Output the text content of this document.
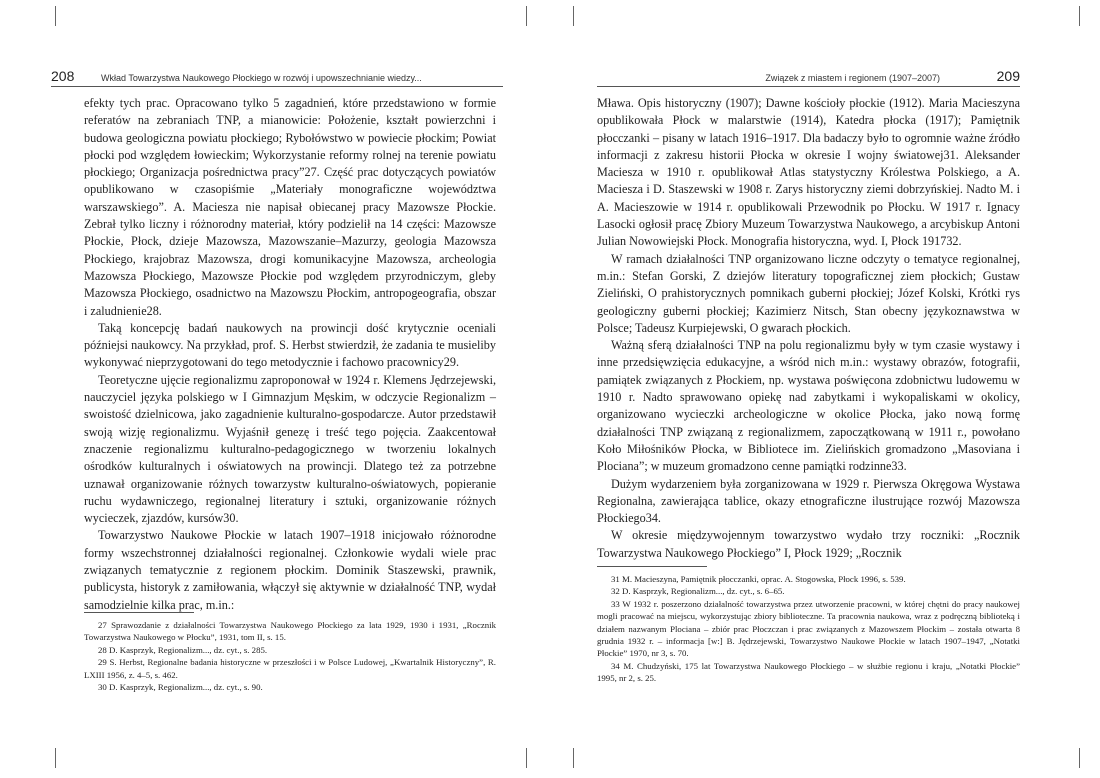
208	Wkład Towarzystwa Naukowego Płockiego w rozwój i upowszechnianie wiedzy...

efekty tych prac. Opracowano tylko 5 zagadnień, które przedstawiono w formie referatów na zebraniach TNP, a mianowicie: Położenie, kształt powierzchni i budowa geologiczna powiatu płockiego; Rybołówstwo w powiecie płockim; Powiat płocki pod względem łowieckim; Wykorzystanie reformy rolnej na terenie powiatu płockiego; Organizacja pośrednictwa pracy”27. Część prac dotyczących powiatów opublikowano w czasopiśmie „Materiały monograficzne województwa warszawskiego”. A. Maciesza nie napisał obiecanej pracy Mazowsze Płockie. Zebrał tylko liczny i różnorodny materiał, który podzielił na 14 części: Mazowsze Płockie, Płock, dzieje Mazowsza, Mazowszanie–Mazurzy, geologia Mazowsza Płockiego, krajobraz Mazowsza, drogi komunikacyjne Mazowsza, archeologia Mazowsza Płockiego, Mazowsze Płockie pod względem przyrodniczym, gleby Mazowsza Płockiego, osadnictwo na Mazowszu Płockim, antropogeografia, obszar i zaludnienie28.

Taką koncepcję badań naukowych na prowincji dość krytycznie oceniali późniejsi naukowcy. Na przykład, prof. S. Herbst stwierdził, że zadania te musieliby wykonywać nieprzygotowani do tego metodycznie i fachowo pracownicy29.

Teoretyczne ujęcie regionalizmu zaproponował w 1924 r. Klemens Jędrzejewski, nauczyciel języka polskiego w I Gimnazjum Męskim, w odczycie Regionalizm – swoistość dzielnicowa, jako zagadnienie kulturalno-gospodarcze. Autor przedstawił swoją wizję regionalizmu. Wyjaśnił genezę i treść tego pojęcia. Zaakcentował znaczenie regionalizmu kulturalno-pedagogicznego w tworzeniu lokalnych ośrodków kulturalnych i oświatowych na prowincji. Dlatego też za potrzebne uznawał organizowanie różnych towarzystw kulturalno-oświatowych, popieranie ruchu wydawniczego, regionalnej literatury i sztuki, organizowanie różnych wycieczek, zjazdów, kursów30.

Towarzystwo Naukowe Płockie w latach 1907–1918 inicjowało różnorodne formy wszechstronnej działalności regionalnej. Członkowie wydali wiele prac związanych tematycznie z regionem płockim. Dominik Staszewski, prawnik, publicysta, historyk z zamiłowania, włączył się aktywnie w działalność TNP, wydał samodzielnie kilka prac, m.in.:

27 Sprawozdanie z działalności Towarzystwa Naukowego Płockiego za lata 1929, 1930 i 1931, „Rocznik Towarzystwa Naukowego w Płocku”, 1931, tom II, s. 15.

28 D. Kasprzyk, Regionalizm..., dz. cyt., s. 285.

29 S. Herbst, Regionalne badania historyczne w przeszłości i w Polsce Ludowej, „Kwartalnik Historyczny”, R. LXIII 1956, z. 4–5, s. 462.

30 D. Kasprzyk, Regionalizm..., dz. cyt., s. 90.

Związek z miastem i regionem (1907–2007)	209

Mława. Opis historyczny (1907); Dawne kościoły płockie (1912). Maria Macieszyna opublikowała Płock w malarstwie (1914), Katedra płocka (1917); Pamiętnik płocczanki – pisany w latach 1916–1917. Dla badaczy było to ogromnie ważne źródło informacji z zakresu historii Płocka w okresie I wojny światowej31. Aleksander Maciesza w 1910 r. opublikował Atlas statystyczny Królestwa Polskiego, a A. Maciesza i D. Staszewski w 1908 r. Zarys historyczny ziemi dobrzyńskiej. Nadto M. i A. Macieszowie w 1914 r. opublikowali Przewodnik po Płocku. W 1917 r. Ignacy Lasocki ogłosił pracę Zbiory Muzeum Towarzystwa Naukowego, a arcybiskup Antoni Julian Nowowiejski Płock. Monografia historyczna, wyd. I, Płock 191732.

W ramach działalności TNP organizowano liczne odczyty o tematyce regionalnej, m.in.: Stefan Gorski, Z dziejów literatury topograficznej ziem płockich; Gustaw Zieliński, O prahistorycznych pomnikach guberni płockiej; Józef Kolski, Krótki rys geologiczny guberni płockiej; Kazimierz Nitsch, Stan obecny językoznawstwa w Polsce; Tadeusz Kurpiejewski, O gwarach płockich.

Ważną sferą działalności TNP na polu regionalizmu były w tym czasie wystawy i inne przedsięwzięcia edukacyjne, a wśród nich m.in.: wystawy obrazów, fotografii, pamiątek związanych z Płockiem, np. wystawa poświęcona zdobnictwu ludowemu w 1910 r. Nadto sprawowano opiekę nad zabytkami i wykopaliskami w okolicy, organizowano wycieczki archeologiczne w okolice Płocka, jako nową formę działalności TNP związaną z regionalizmem, zapoczątkowaną w 1911 r., powołano Koło Miłośników Płocka, w Bibliotece im. Zielińskich gromadzono „Masoviana i Plociana”; w muzeum gromadzono cenne pamiątki rodzinne33.

Dużym wydarzeniem była zorganizowana w 1929 r. Pierwsza Okręgowa Wystawa Regionalna, zawierająca tablice, okazy etnograficzne ilustrujące rozwój Mazowsza Płockiego34.

W okresie międzywojennym towarzystwo wydało trzy roczniki: „Rocznik Towarzystwa Naukowego Płockiego” I, Płock 1929; „Rocznik

31 M. Macieszyna, Pamiętnik płocczanki, oprac. A. Stogowska, Płock 1996, s. 539.

32 D. Kasprzyk, Regionalizm..., dz. cyt., s. 6–65.

33 W 1932 r. poszerzono działalność towarzystwa przez utworzenie pracowni, w której chętni do pracy naukowej mogli pracować na miejscu, wykorzystując zbiory biblioteczne. Ta pracownia naukowa, wraz z podręczną biblioteką i działem nazwanym Plociana – zbiór prac Płoczczan i prac związanych z Mazowszem Płockim – została otwarta 8 grudnia 1932 r. – informacja [w:] B. Jędrzejewski, Towarzystwo Naukowe Płockie w latach 1907–1947, „Notatki Płockie” 1970, nr 3, s. 70.

34 M. Chudzyński, 175 lat Towarzystwa Naukowego Płockiego – w służbie regionu i kraju, „Notatki Płockie” 1995, nr 2, s. 25.
